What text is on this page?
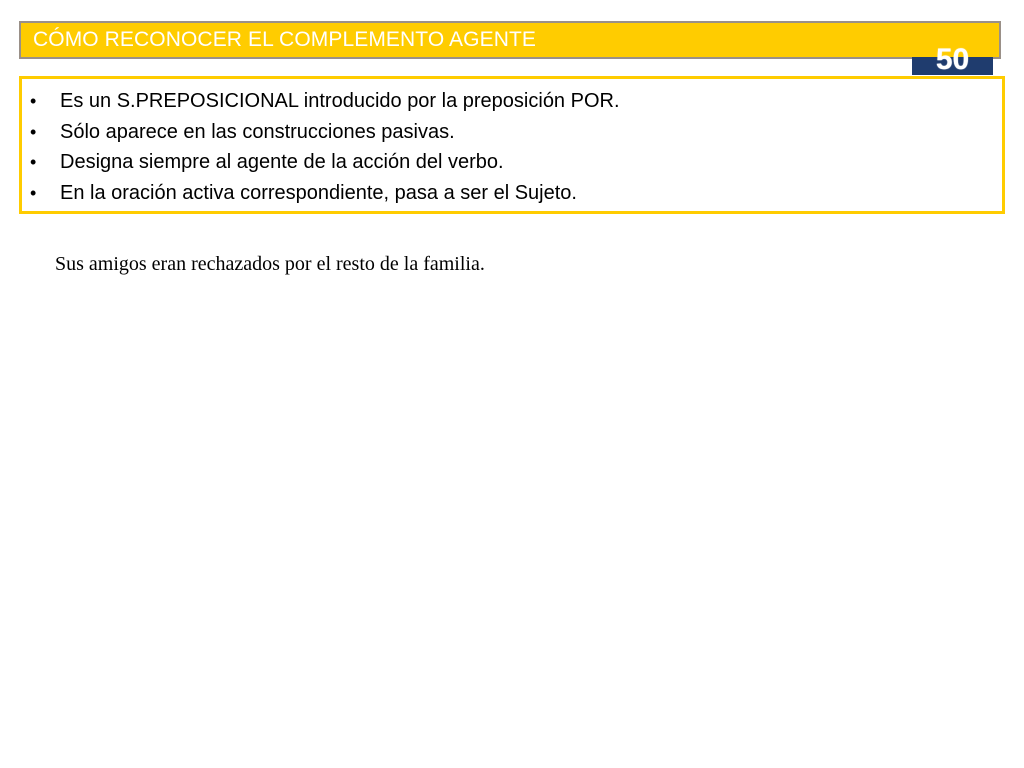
CÓMO RECONOCER EL COMPLEMENTO AGENTE
50
•	Es un S.PREPOSICIONAL introducido por la preposición POR.
•	Sólo aparece en las construcciones pasivas.
•	Designa siempre al agente de la acción del verbo.
•	En la oración activa correspondiente, pasa a ser el Sujeto.
Sus amigos eran rechazados por el resto de la familia.
